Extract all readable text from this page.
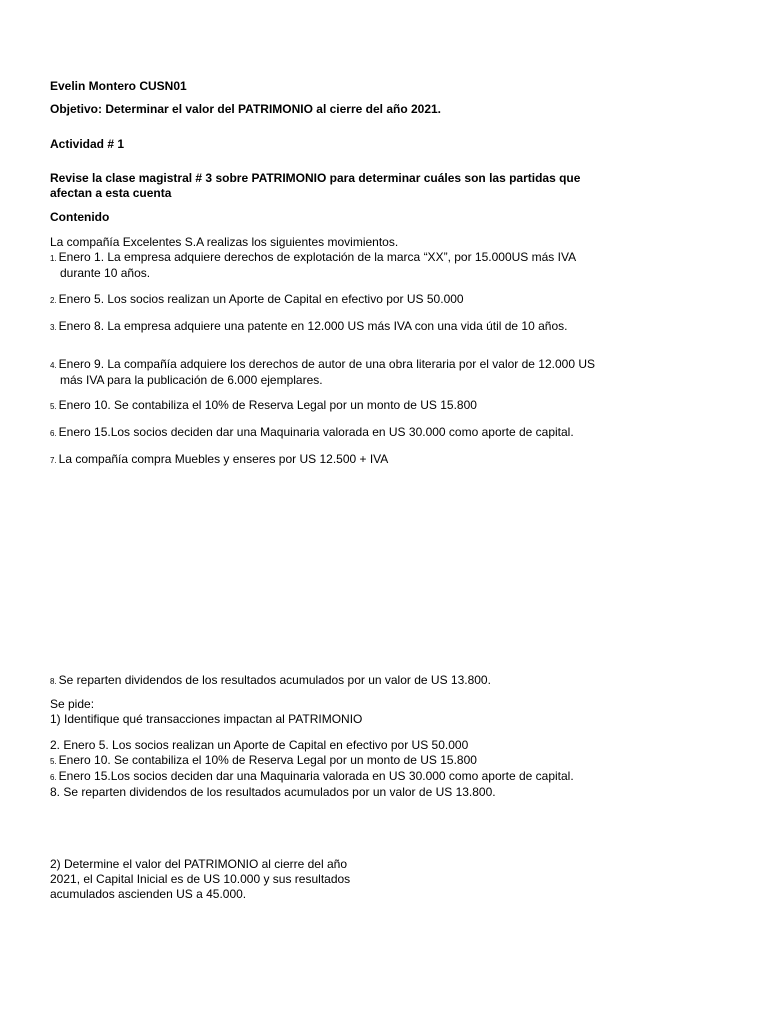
Evelin Montero CUSN01
Objetivo: Determinar el valor del PATRIMONIO al cierre del año 2021.
Actividad # 1
Revise la clase magistral # 3 sobre PATRIMONIO para determinar cuáles son las partidas que
afectan a esta cuenta
Contenido
La compañía Excelentes S.A realizas los siguientes movimientos.
1. Enero 1. La empresa adquiere derechos de explotación de la marca “XX”, por 15.000US más IVA
durante 10 años.
2. Enero 5. Los socios realizan un Aporte de Capital en efectivo por US 50.000
3. Enero 8. La empresa adquiere una patente en 12.000 US más IVA con una vida útil de 10 años.
4. Enero 9. La compañía adquiere los derechos de autor de una obra literaria por el valor de 12.000 US
más IVA para la publicación de 6.000 ejemplares.
5. Enero 10. Se contabiliza el 10% de Reserva Legal por un monto de US 15.800
6. Enero 15.Los socios deciden dar una Maquinaria valorada en US 30.000 como aporte de capital.
7. La compañía compra Muebles y enseres por US 12.500 + IVA
8. Se reparten dividendos de los resultados acumulados por un valor de US 13.800.
Se pide:
1) Identifique qué transacciones impactan al PATRIMONIO
2. Enero 5. Los socios realizan un Aporte de Capital en efectivo por US 50.000
5. Enero 10. Se contabiliza el 10% de Reserva Legal por un monto de US 15.800
6. Enero 15.Los socios deciden dar una Maquinaria valorada en US 30.000 como aporte de capital.
8. Se reparten dividendos de los resultados acumulados por un valor de US 13.800.
2) Determine el valor del PATRIMONIO al cierre del año
2021, el Capital Inicial es de US 10.000 y sus resultados
acumulados ascienden US a 45.000.
